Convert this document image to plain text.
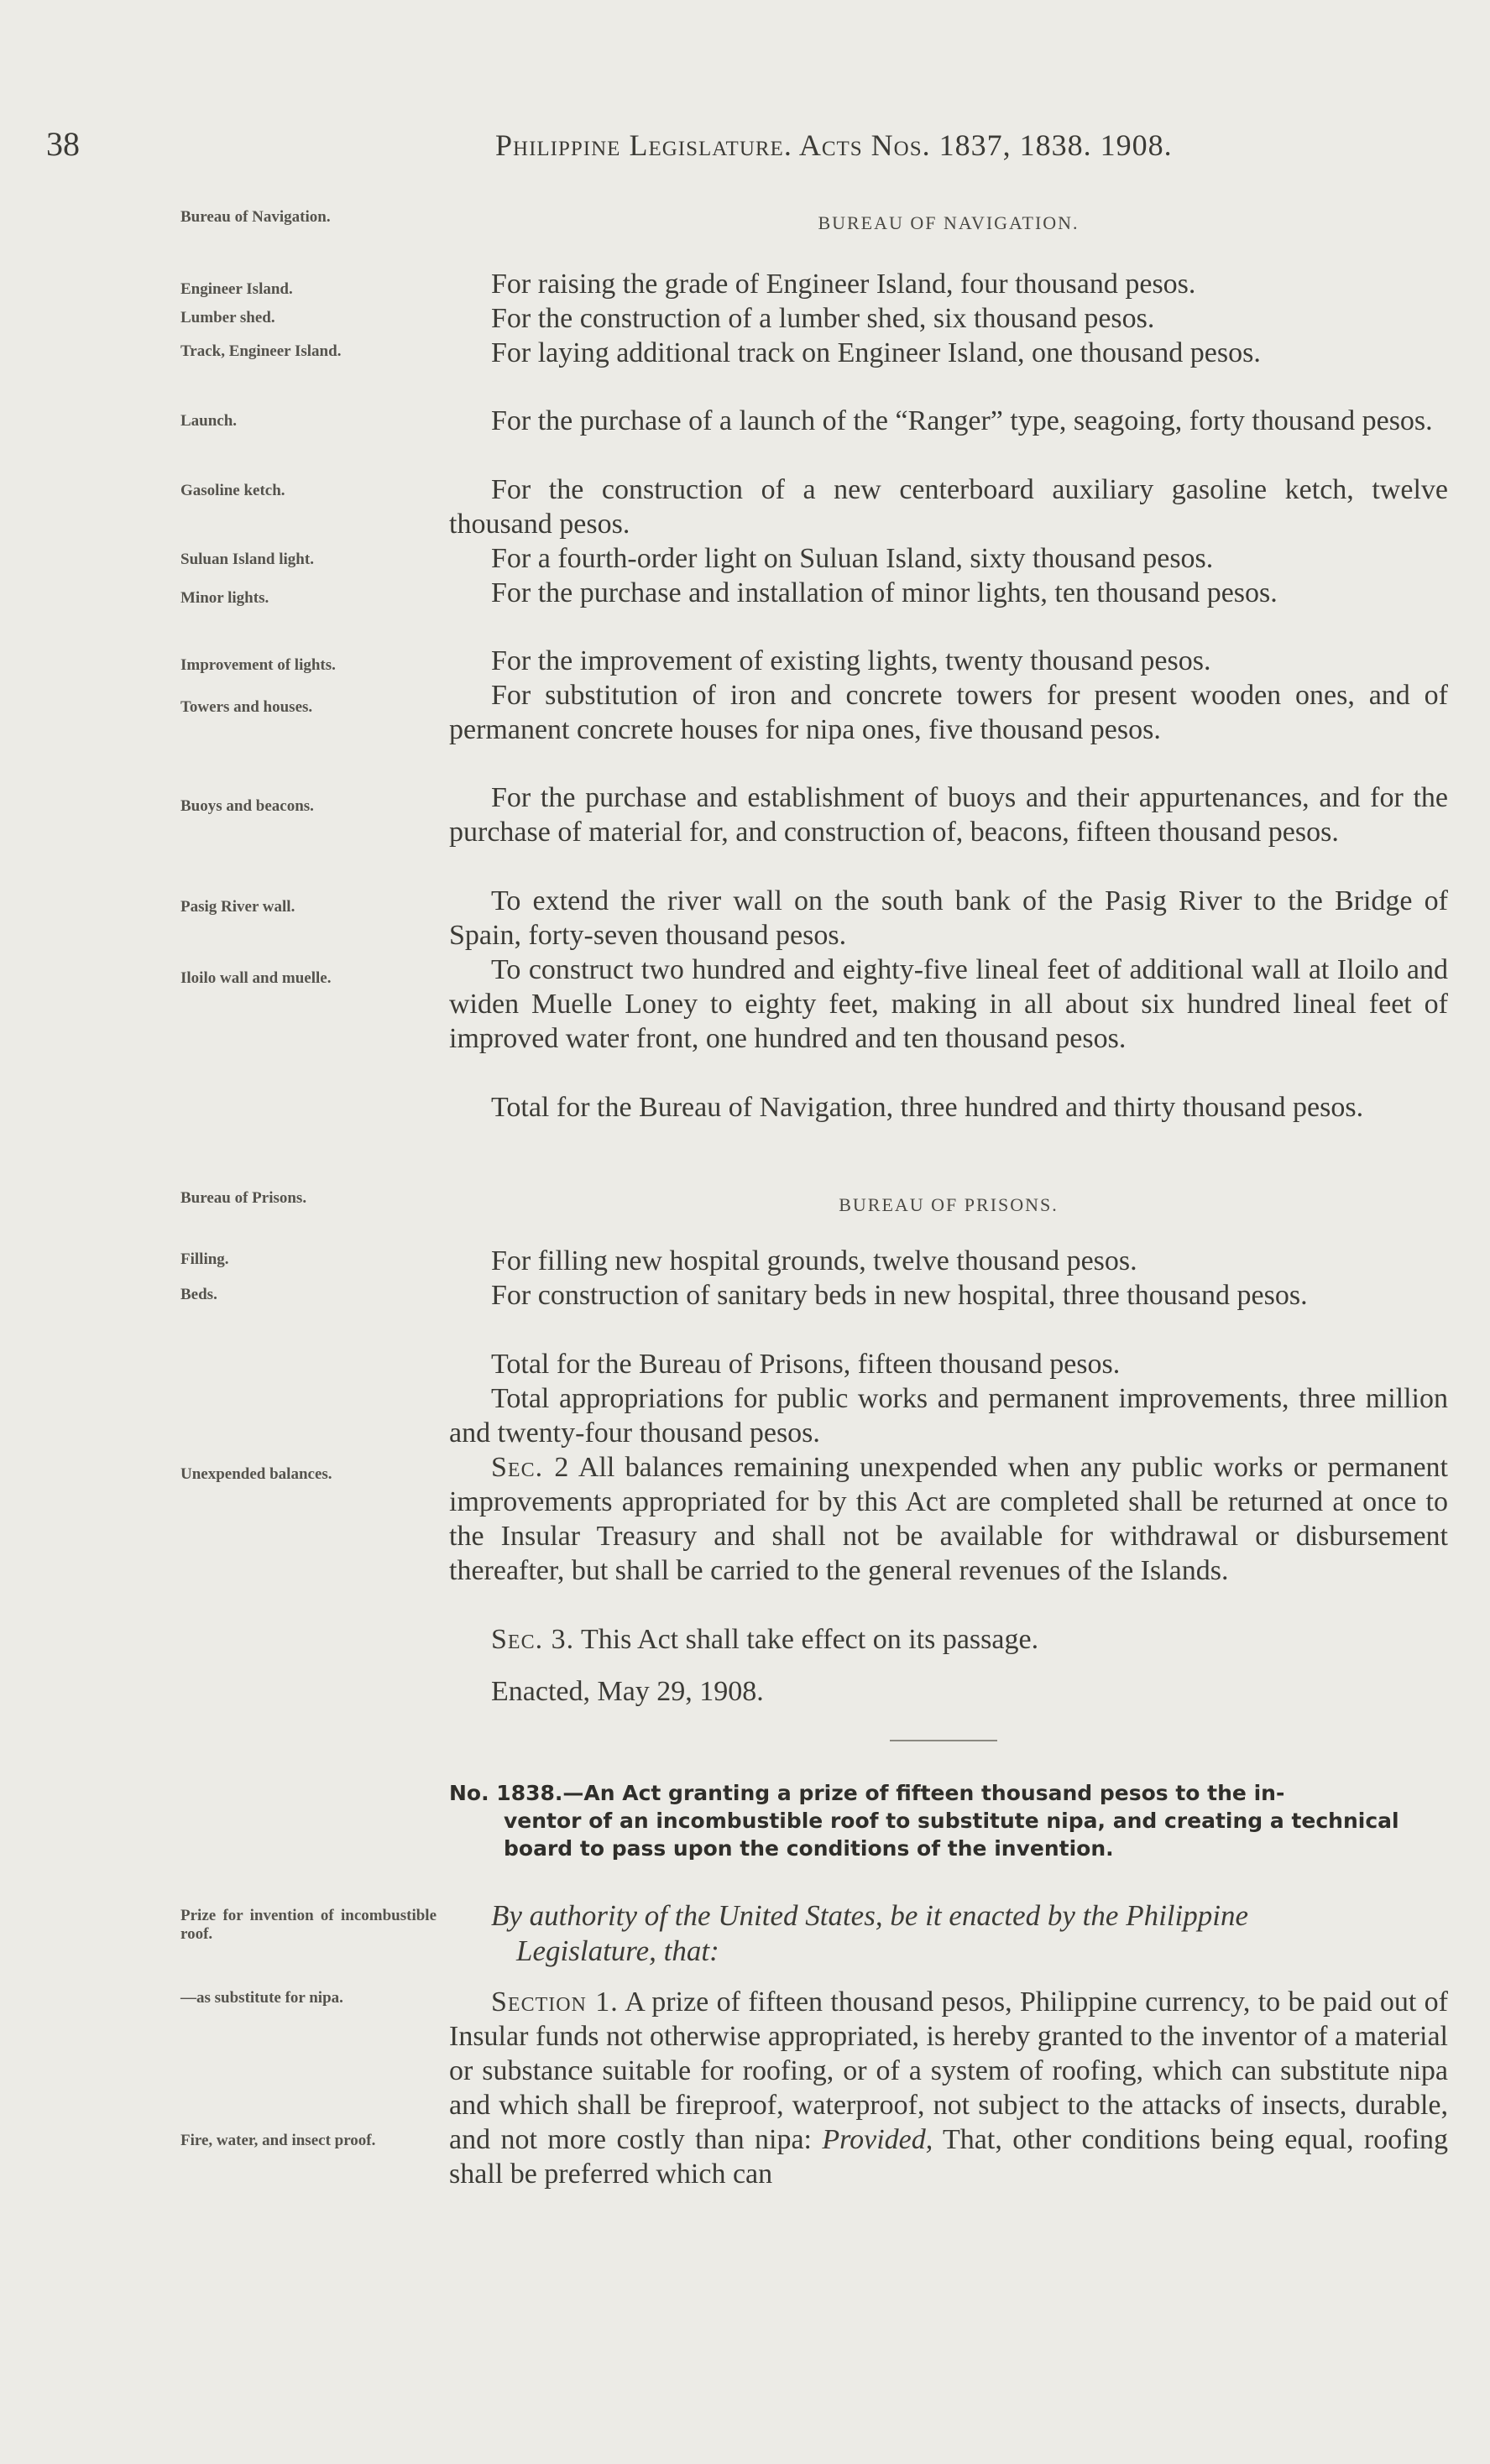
38	Philippine Legislature. Acts Nos. 1837, 1838. 1908.
Bureau of Navigation.	BUREAU OF NAVIGATION.
Engineer Island.	For raising the grade of Engineer Island, four thousand pesos.
Lumber shed.	For the construction of a lumber shed, six thousand pesos.
Track, Engineer Island.	For laying additional track on Engineer Island, one thousand pesos.
Launch.	For the purchase of a launch of the “Ranger” type, seagoing, forty thousand pesos.
Gasoline ketch.	For the construction of a new centerboard auxiliary gasoline ketch, twelve thousand pesos.
Suluan Island light.	For a fourth-order light on Suluan Island, sixty thousand pesos.
Minor lights.	For the purchase and installation of minor lights, ten thousand pesos.
Improvement of lights.	For the improvement of existing lights, twenty thousand pesos.
Towers and houses.	For substitution of iron and concrete towers for present wooden ones, and of permanent concrete houses for nipa ones, five thousand pesos.
Buoys and beacons.	For the purchase and establishment of buoys and their appurtenances, and for the purchase of material for, and construction of, beacons, fifteen thousand pesos.
Pasig River wall.	To extend the river wall on the south bank of the Pasig River to the Bridge of Spain, forty-seven thousand pesos.
Iloilo wall and muelle.	To construct two hundred and eighty-five lineal feet of additional wall at Iloilo and widen Muelle Loney to eighty feet, making in all about six hundred lineal feet of improved water front, one hundred and ten thousand pesos.
Total for the Bureau of Navigation, three hundred and thirty thousand pesos.
Bureau of Prisons.	BUREAU OF PRISONS.
Filling.	For filling new hospital grounds, twelve thousand pesos.
Beds.	For construction of sanitary beds in new hospital, three thousand pesos.
Total for the Bureau of Prisons, fifteen thousand pesos.
Total appropriations for public works and permanent improvements, three million and twenty-four thousand pesos.
Unexpended balances.	Sec. 2 All balances remaining unexpended when any public works or permanent improvements appropriated for by this Act are completed shall be returned at once to the Insular Treasury and shall not be available for withdrawal or disbursement thereafter, but shall be carried to the general revenues of the Islands.
Sec. 3. This Act shall take effect on its passage.
Enacted, May 29, 1908.
No. 1838.—An Act granting a prize of fifteen thousand pesos to the in-
ventor of an incombustible roof to substitute nipa, and creating a technical board to pass upon the conditions of the invention.
Prize for invention of incombustible roof.
By authority of the United States, be it enacted by the Philippine
Legislature, that:
—as substitute for nipa.
Fire, water, and insect proof.
Section 1. A prize of fifteen thousand pesos, Philippine currency, to be paid out of Insular funds not otherwise appropriated, is hereby granted to the inventor of a material or substance suitable for roofing, or of a system of roofing, which can substitute nipa and which shall be fireproof, waterproof, not subject to the attacks of insects, durable, and not more costly than nipa: Provided, That, other conditions being equal, roofing shall be preferred which can
